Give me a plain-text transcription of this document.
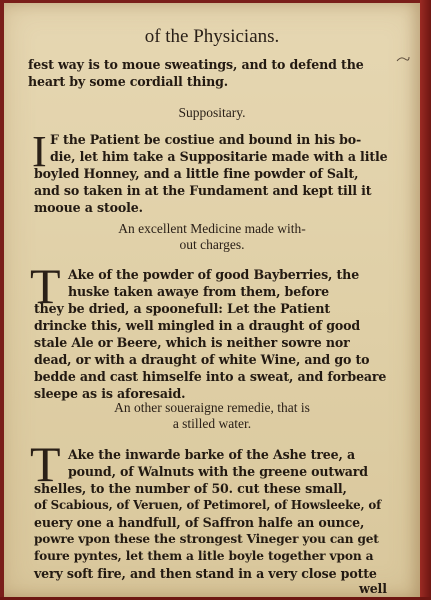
of the Physicians.
fest way is to moue sweatings, and to defend the
heart by some cordiall thing.
Suppositary.
I F the Patient be costiue and bound in his bo-
die, let him take a Suppositarie made with a litle
boyled Honney, and a little fine powder of Salt,
and so taken in at the Fundament and kept till it
mooue a stoole.
An excellent Medicine made with-
out charges.
T Ake of the powder of good Bayberries, the
huske taken awaye from them, before
they be dried, a spoonefull: Let the Patient
drincke this, well mingled in a draught of good
stale Ale or Beere, which is neither sowre nor
dead, or with a draught of white Wine, and go to
bedde and cast himselfe into a sweat, and forbeare
sleepe as is aforesaid.
An other soueraigne remedie, that is
a stilled water.
T Ake the inwarde barke of the Ashe tree, a
pound, of Walnuts with the greene outward
shelles, to the number of 50. cut these small,
of Scabious, of Veruen, of Petimorel, of Howsleeke, of
euery one a handfull, of Saffron halfe an ounce,
powre vpon these the strongest Vineger you can get
foure pyntes, let them a litle boyle together vpon a
very soft fire, and then stand in a very close potte
well
